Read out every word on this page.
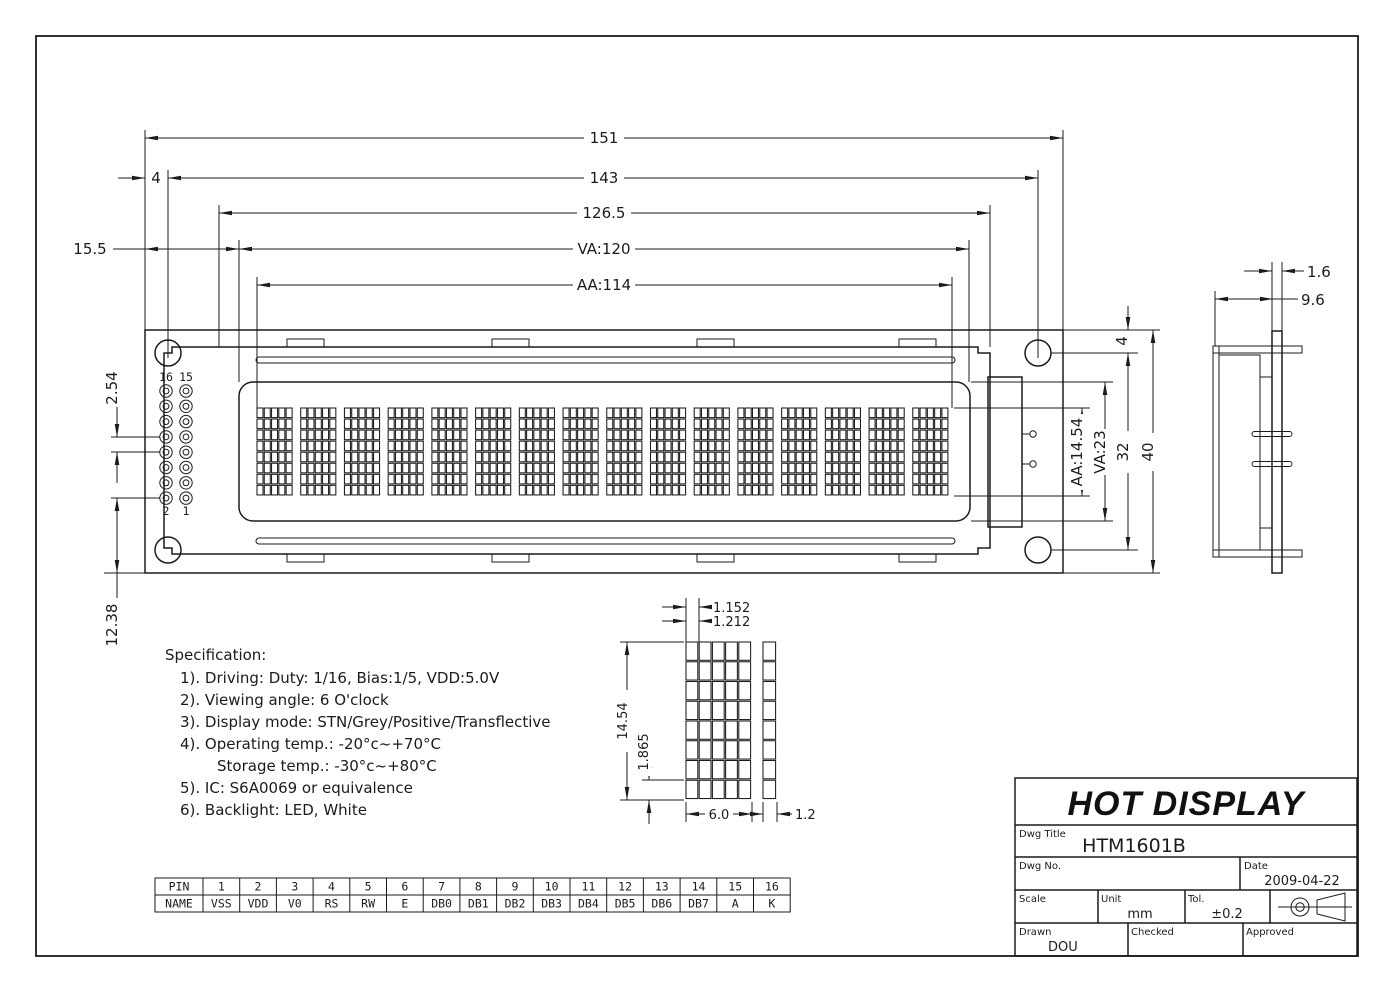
16 15
2 1
151
4	143
126.5
15.5	VA:120
AA:114
2.54
12.38
AA:14.54 VA:23
4
32 40
1.6
9.6
1.152
1.212
14.54
1.865
6.0	1.2
Specification:
1). Driving: Duty: 1/16, Bias:1/5, VDD:5.0V
2). Viewing angle: 6 O'clock
3). Display mode: STN/Grey/Positive/Transflective
4). Operating temp.: -20°c~+70°C
Storage temp.: -30°c~+80°C
5). IC: S6A0069 or equivalence
6). Backlight: LED, White
PIN 1	2	3	4	5	6	7	8	9 10 11 12 13 14 15 16
NAME VSS VDD V0 RS RW E DB0 DB1 DB2 DB3 DB4 DB5 DB6 DB7 A	K
HOT DISPLAY
Dwg Title
HTM1601B
Dwg No.	Date
2009-04-22
Scale	Unit
mm
Tol.
±0.2
Drawn
DOU
Checked	Approved
